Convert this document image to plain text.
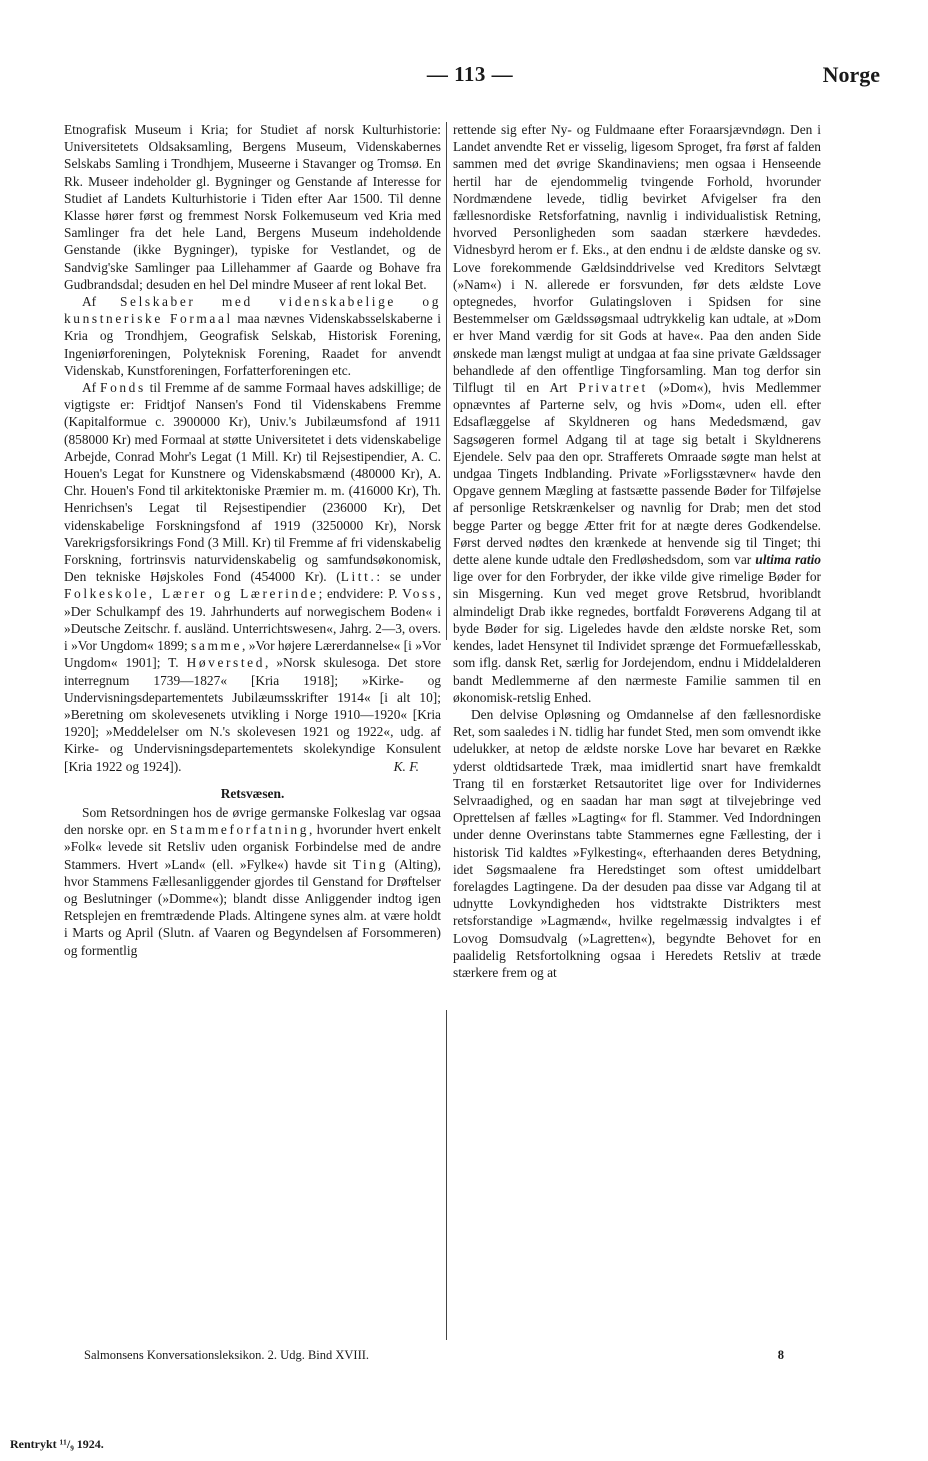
— 113 —	Norge

Etnografisk Museum i Kria; for Studiet af norsk Kulturhistorie: Universitetets Oldsaksamling, Bergens Museum, Videnskabernes Selskabs Samling i Trondhjem, Museerne i Stavanger og Tromsø. En Rk. Museer indeholder gl. Bygninger og Genstande af Interesse for Studiet af Landets Kulturhistorie i Tiden efter Aar 1500. Til denne Klasse hører først og fremmest Norsk Folkemuseum ved Kria med Samlinger fra det hele Land, Bergens Museum indeholdende Genstande (ikke Bygninger), typiske for Vestlandet, og de Sandvig'ske Samlinger paa Lillehammer af Gaarde og Bohave fra Gudbrandsdal; desuden en hel Del mindre Museer af rent lokal Bet.

Af Selskaber med videnskabelige og kunstneriske Formaal maa nævnes Videnskabsselskaberne i Kria og Trondhjem, Geografisk Selskab, Historisk Forening, Ingeniørforeningen, Polyteknisk Forening, Raadet for anvendt Videnskab, Kunstforeningen, Forfatterforeningen etc.

Af Fonds til Fremme af de samme Formaal haves adskillige; de vigtigste er: Fridtjof Nansen's Fond til Videnskabens Fremme (Kapitalformue c. 3900000 Kr), Univ.'s Jubilæumsfond af 1911 (858000 Kr) med Formaal at støtte Universitetet i dets videnskabelige Arbejde, Conrad Mohr's Legat (1 Mill. Kr) til Rejsestipendier, A. C. Houen's Legat for Kunstnere og Videnskabsmænd (480000 Kr), A. Chr. Houen's Fond til arkitektoniske Præmier m. m. (416000 Kr), Th. Henrichsen's Legat til Rejsestipendier (236000 Kr), Det videnskabelige Forskningsfond af 1919 (3250000 Kr), Norsk Varekrigsforsikrings Fond (3 Mill. Kr) til Fremme af fri videnskabelig Forskning, fortrinsvis naturvidenskabelig og samfundsøkonomisk, Den tekniske Højskoles Fond (454000 Kr). (Litt.: se under Folkeskole, Lærer og Lærerinde; endvidere: P. Voss, »Der Schulkampf des 19. Jahrhunderts auf norwegischem Boden« i »Deutsche Zeitschr. f. ausländ. Unterrichtswesen«, Jahrg. 2—3, overs. i »Vor Ungdom« 1899; samme, »Vor højere Lærerdannelse« [i »Vor Ungdom« 1901]; T. Høversted, »Norsk skulesoga. Det store interregnum 1739—1827« [Kria 1918]; »Kirke- og Undervisningsdepartementets Jubilæumsskrifter 1914« [i alt 10]; »Beretning om skolevesenets utvikling i Norge 1910—1920« [Kria 1920]; »Meddelelser om N.'s skolevesen 1921 og 1922«, udg. af Kirke- og Undervisningsdepartementets skolekyndige Konsulent [Kria 1922 og 1924]).	K. F.

Retsvæsen.

Som Retsordningen hos de øvrige germanske Folkeslag var ogsaa den norske opr. en Stammeforfatning, hvorunder hvert enkelt »Folk« levede sit Retsliv uden organisk Forbindelse med de andre Stammers. Hvert »Land« (ell. »Fylke«) havde sit Ting (Alting), hvor Stammens Fællesanliggender gjordes til Genstand for Drøftelser og Beslutninger (»Domme«); blandt disse Anliggender indtog igen Retsplejen en fremtrædende Plads. Altingene synes alm. at være holdt i Marts og April (Slutn. af Vaaren og Begyndelsen af Forsommeren) og formentlig

rettende sig efter Ny- og Fuldmaane efter Foraarsjævndøgn. Den i Landet anvendte Ret er visselig, ligesom Sproget, fra først af falden sammen med det øvrige Skandinaviens; men ogsaa i Henseende hertil har de ejendommelig tvingende Forhold, hvorunder Nordmændene levede, tidlig bevirket Afvigelser fra den fællesnordiske Retsforfatning, navnlig i individualistisk Retning, hvorved Personligheden som saadan stærkere hævdedes. Vidnesbyrd herom er f. Eks., at den endnu i de ældste danske og sv. Love forekommende Gældsinddrivelse ved Kreditors Selvtægt (»Nam«) i N. allerede er forsvunden, før dets ældste Love optegnedes, hvorfor Gulatingsloven i Spidsen for sine Bestemmelser om Gældssøgsmaal udtrykkelig kan udtale, at »Dom er hver Mand værdig for sit Gods at have«. Paa den anden Side ønskede man længst muligt at undgaa at faa sine private Gældssager behandlede af den offentlige Tingforsamling. Man tog derfor sin Tilflugt til en Art Privatret (»Dom«), hvis Medlemmer opnævntes af Parterne selv, og hvis »Dom«, uden ell. efter Edsaflæggelse af Skyldneren og hans Mededsmænd, gav Sagsøgeren formel Adgang til at tage sig betalt i Skyldnerens Ejendele. Selv paa den opr. Strafferets Omraade søgte man helst at undgaa Tingets Indblanding. Private »Forligsstævner« havde den Opgave gennem Mægling at fastsætte passende Bøder for Tilføjelse af personlige Retskrænkelser og navnlig for Drab; men det stod begge Parter og begge Ætter frit for at nægte deres Godkendelse. Først derved nødtes den krænkede at henvende sig til Tinget; thi dette alene kunde udtale den Fredløshedsdom, som var ultima ratio lige over for den Forbryder, der ikke vilde give rimelige Bøder for sin Misgerning. Kun ved meget grove Retsbrud, hvoriblandt almindeligt Drab ikke regnedes, bortfaldt Forøverens Adgang til at byde Bøder for sig. Ligeledes havde den ældste norske Ret, som kendes, ladet Hensynet til Individet sprænge det Formuefællesskab, som iflg. dansk Ret, særlig for Jordejendom, endnu i Middelalderen bandt Medlemmerne af den nærmeste Familie sammen til en økonomisk-retslig Enhed.

Den delvise Opløsning og Omdannelse af den fællesnordiske Ret, som saaledes i N. tidlig har fundet Sted, men som omvendt ikke udelukker, at netop de ældste norske Love har bevaret en Række yderst oldtidsartede Træk, maa imidlertid snart have fremkaldt Trang til en forstærket Retsautoritet lige over for Individernes Selvraadighed, og en saadan har man søgt at tilvejebringe ved Oprettelsen af fælles »Lagting« for fl. Stammer. Ved Indordningen under denne Overinstans tabte Stammernes egne Fællesting, der i historisk Tid kaldtes »Fylkesting«, efterhaanden deres Betydning, idet Søgsmaalene fra Heredstinget som oftest umiddelbart forelagdes Lagtingene. Da der desuden paa disse var Adgang til at udnytte Lovkyndigheden hos vidtstrakte Distrikters mest retsforstandige »Lagmænd«, hvilke regelmæssig indvalgtes i ef Lovog Domsudvalg (»Lagretten«), begyndte Behovet for en paalidelig Retsfortolkning ogsaa i Heredets Retsliv at træde stærkere frem og at

Salmonsens Konversationsleksikon. 2. Udg. Bind XVIII.	8
Rentrykt ¹¹/₉ 1924.
